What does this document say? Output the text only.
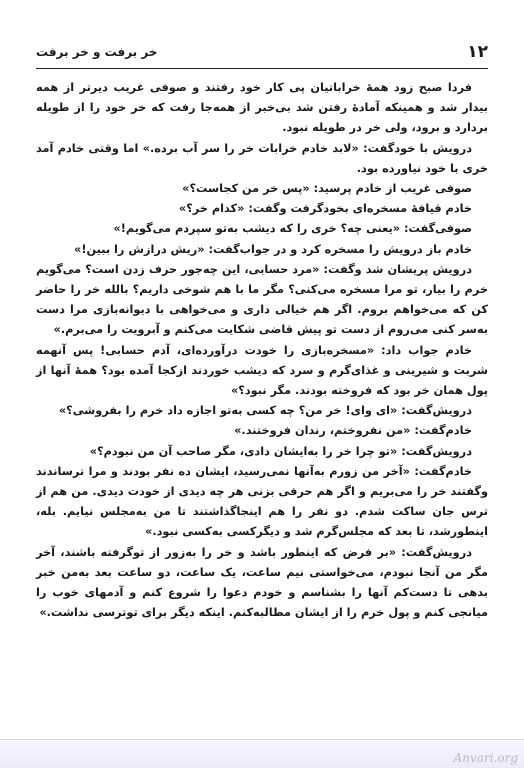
۱۲
خر برفت و خر برفت

فردا صبح زود همهٔ خراباتیان پی کار خود رفتند و صوفی غریب دیرتر از همه بیدار شد و همینکه آمادهٔ رفتن شد بی‌خبر از همه‌جا رفت که خر خود را از طویله بردارد و برود، ولی خر در طویله نبود.

درویش با خودگفت: «لابد خادم خرابات خر را سر آب برده.» اما وقتی خادم آمد خری با خود نیاورده بود.

صوفی غریب از خادم پرسید: «پس خر من کجاست؟»

خادم قیافهٔ مسخره‌ای بخودگرفت وگفت: «کدام خر؟»

صوفی‌گفت: «یعنی چه؟ خری را که دیشب به‌تو سپردم می‌گویم!»

خادم باز درویش را مسخره کرد و در جواب‌گفت: «ریش درازش را ببین!»

درویش پریشان شد وگفت: «مرد حسابی، این چه‌جور حرف زدن است؟ می‌گویم خرم را بیار، تو مرا مسخره می‌کنی؟ مگر ما با هم شوخی داریم؟ بالله خر را حاضر کن که می‌خواهم بروم. اگر هم خیالی داری و می‌خواهی با دیوانه‌بازی مرا دست به‌سر کنی می‌روم از دست تو پیش قاضی شکایت می‌کنم و آبرویت را می‌برم.»

خادم جواب داد: «مسخره‌بازی را خودت درآورده‌ای، آدم حسابی! پس آنهمه شربت و شیرینی و غذای‌گرم و سرد که دیشب خوردند ازکجا آمده بود؟ همهٔ آنها از پول همان خر بود که فروخته بودند. مگر نبود؟»

درویش‌گفت: «ای وای! خر من؟ چه کسی به‌تو اجازه داد خرم را بفروشی؟»

خادم‌گفت: «من نفروختم، رندان فروختند.»

درویش‌گفت: «تو چرا خر را به‌ایشان دادی، مگر صاحب آن من نبودم؟»

خادم‌گفت: «آخر من زورم به‌آنها نمی‌رسید، ایشان ده نفر بودند و مرا ترساندند وگفتند خر را می‌بریم و اگر هم حرفی بزنی هر چه دیدی از خودت دیدی. من هم از ترس جان ساکت شدم. دو نفر را هم اینجاگذاشتند تا من به‌مجلس نیایم. بله، اینطورشد، تا بعد که مجلس‌گرم شد و دیگرکسی به‌کسی نبود.»

درویش‌گفت: «بر فرض که اینطور باشد و خر را به‌زور از توگرفته باشند، آخر مگر من آنجا نبودم، می‌خواستی نیم ساعت، یک ساعت، دو ساعت بعد به‌من خبر بدهی تا دست‌کم آنها را بشناسم و خودم دعوا را شروع کنم و آدمهای خوب را میانجی کنم و پول خرم را از ایشان مطالبه‌کنم. اینکه دیگر برای توترسی نداشت.»

Anvari.org
